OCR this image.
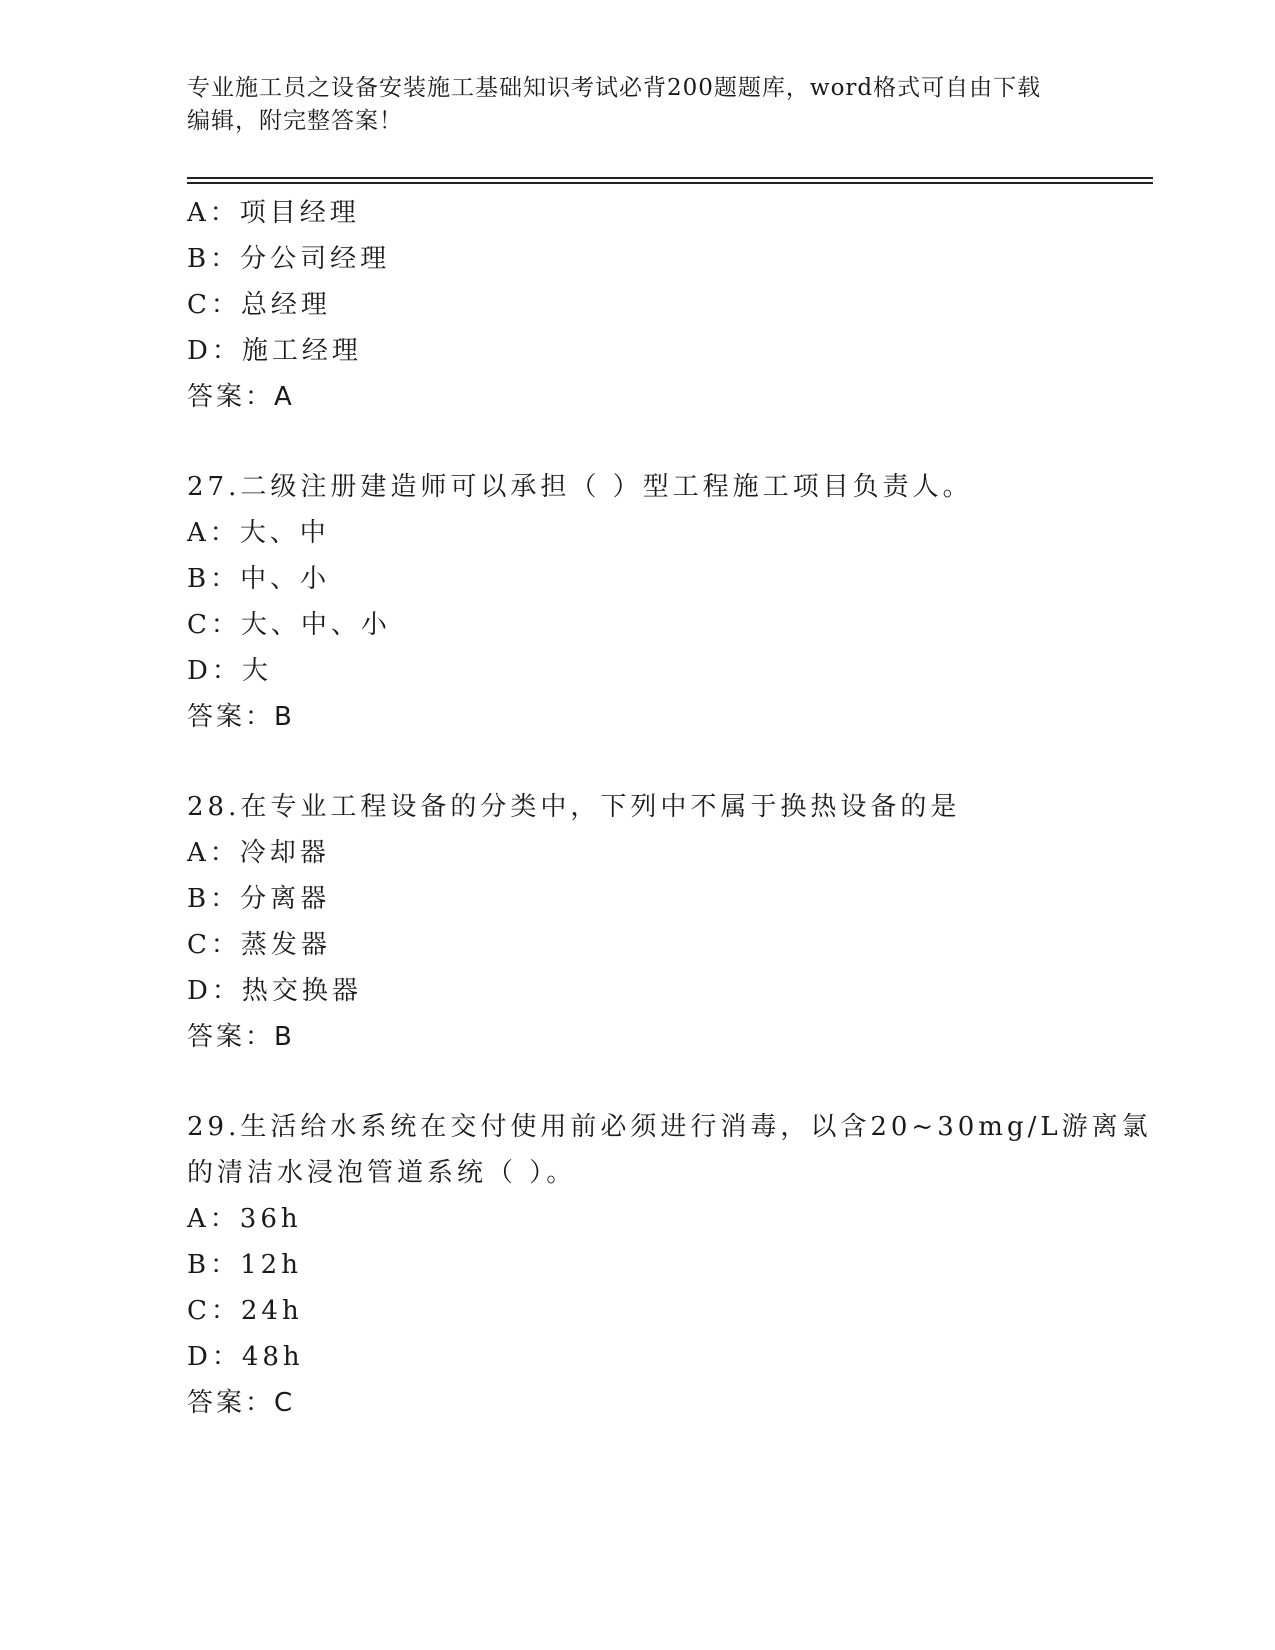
专业施工员之设备安装施工基础知识考试必背200题题库，word格式可自由下载
编辑，附完整答案！
A：项目经理
B：分公司经理
C：总经理
D：施工经理
答案：A
27.二级注册建造师可以承担（ ）型工程施工项目负责人。
A：大、中
B：中、小
C：大、中、小
D：大
答案：B
28.在专业工程设备的分类中，下列中不属于换热设备的是
A：冷却器
B：分离器
C：蒸发器
D：热交换器
答案：B
29.生活给水系统在交付使用前必须进行消毒，以含20~30mg/L游离氯
的清洁水浸泡管道系统（ ）。
A：36h
B：12h
C：24h
D：48h
答案：C
